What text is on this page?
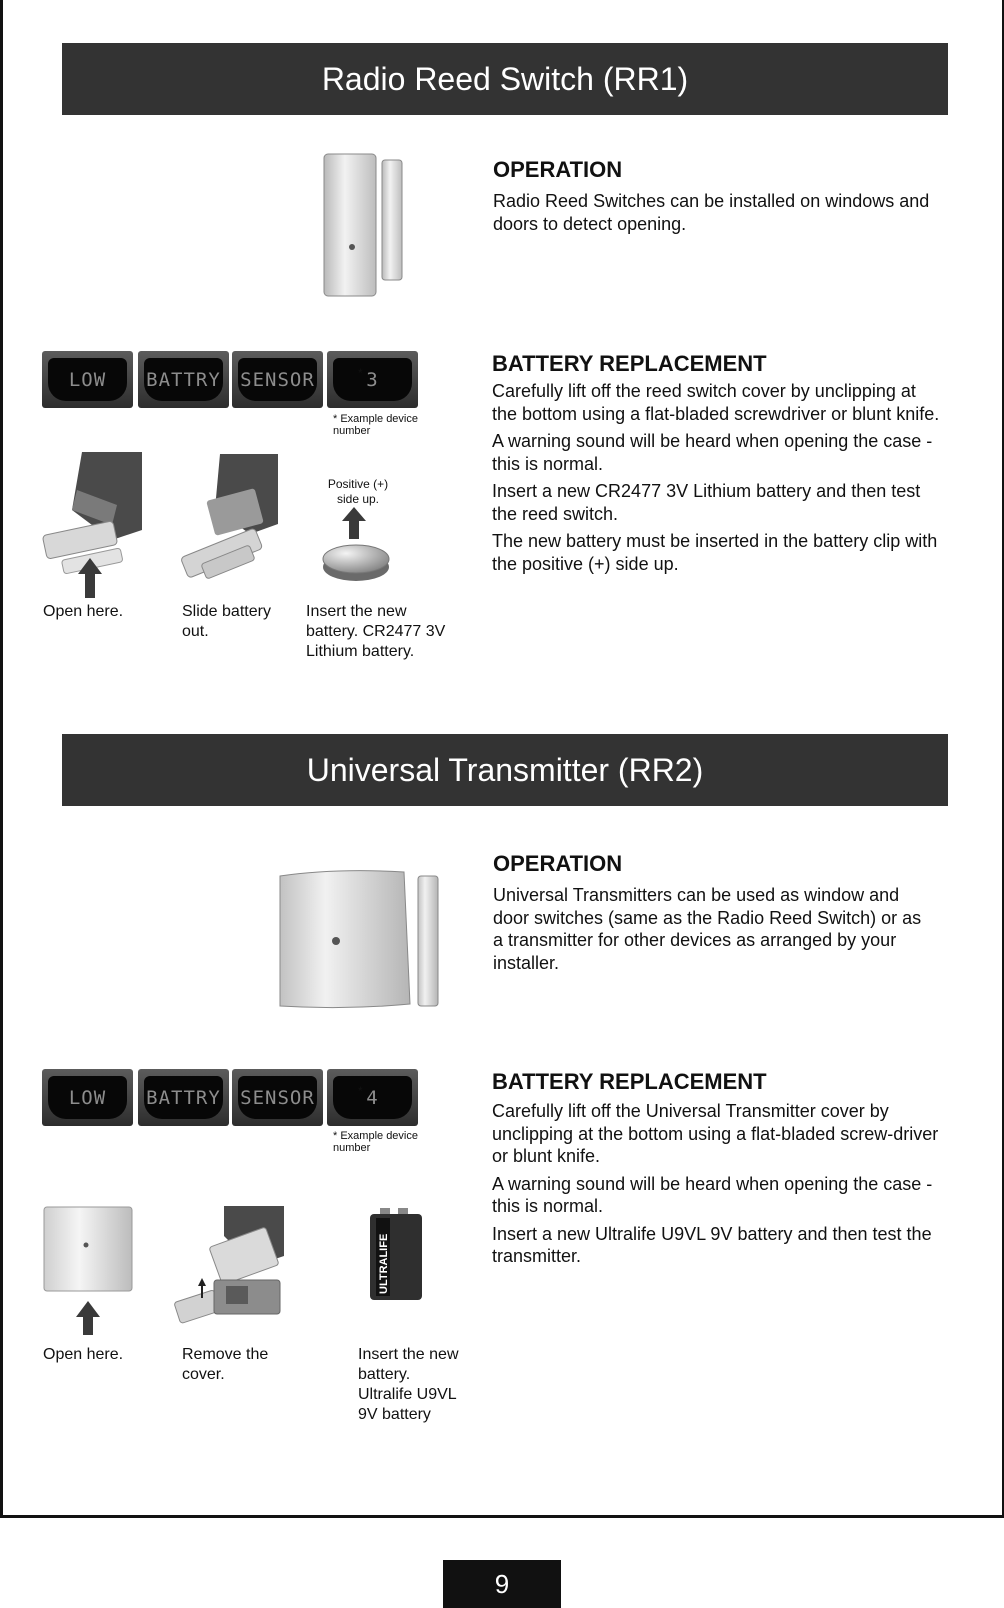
Radio Reed Switch (RR1)
OPERATION
Radio Reed Switches can be installed on windows and doors to detect opening.
LOW	BATTRY SENSOR	3
*
* Example device number
Positive (+) side up.
Open here.	Slide battery out.
Insert the new battery. CR2477 3V Lithium battery.
BATTERY REPLACEMENT
Carefully lift off the reed switch cover by unclipping at the bottom using a flat-bladed screwdriver or blunt knife.
A warning sound will be heard when opening the case - this is normal.
Insert a new CR2477 3V Lithium battery and then test the reed switch.
The new battery must be inserted in the battery clip with the positive (+) side up.
Universal Transmitter (RR2)
OPERATION
Universal Transmitters can be used as window and door switches (same as the Radio Reed Switch) or as a transmitter for other devices as arranged by your installer.
LOW	BATTRY SENSOR	4
*
* Example device number
ULTRALIFE
Open here.	Remove the cover.
Insert the new battery. Ultralife U9VL 9V battery
BATTERY REPLACEMENT
Carefully lift off the Universal Transmitter cover by unclipping at the bottom using a flat-bladed screw-driver or blunt knife.
A warning sound will be heard when opening the case - this is normal.
Insert a new Ultralife U9VL 9V battery and then test the transmitter.
9
